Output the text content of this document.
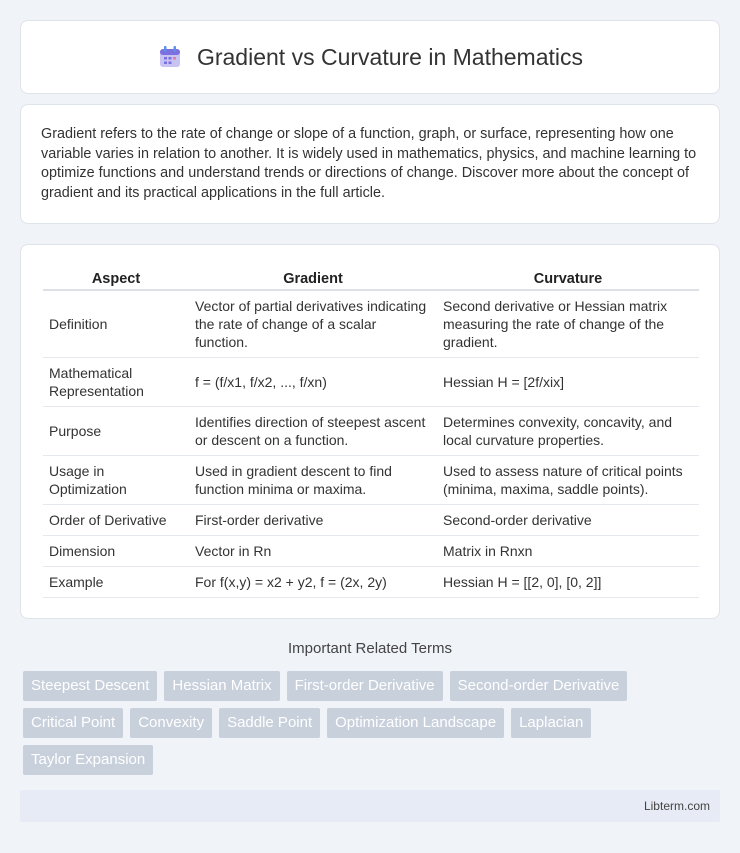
Gradient vs Curvature in Mathematics

Gradient refers to the rate of change or slope of a function, graph, or surface, representing how one variable varies in relation to another. It is widely used in mathematics, physics, and machine learning to optimize functions and understand trends or directions of change. Discover more about the concept of gradient and its practical applications in the full article.

Aspect	Gradient	Curvature
Definition	Vector of partial derivatives indicating the rate of change of a scalar function.	Second derivative or Hessian matrix measuring the rate of change of the gradient.
Mathematical Representation	f = (f/x1, f/x2, ..., f/xn)	Hessian H = [2f/xix]
Purpose	Identifies direction of steepest ascent or descent on a function.	Determines convexity, concavity, and local curvature properties.
Usage in Optimization	Used in gradient descent to find function minima or maxima.	Used to assess nature of critical points (minima, maxima, saddle points).
Order of Derivative	First-order derivative	Second-order derivative
Dimension	Vector in Rn	Matrix in Rnxn
Example	For f(x,y) = x2 + y2, f = (2x, 2y)	Hessian H = [[2, 0], [0, 2]]
Important Related Terms
Steepest Descent	Hessian Matrix	First-order Derivative	Second-order Derivative
Critical Point	Convexity	Saddle Point	Optimization Landscape	Laplacian
Taylor Expansion
Libterm.com
